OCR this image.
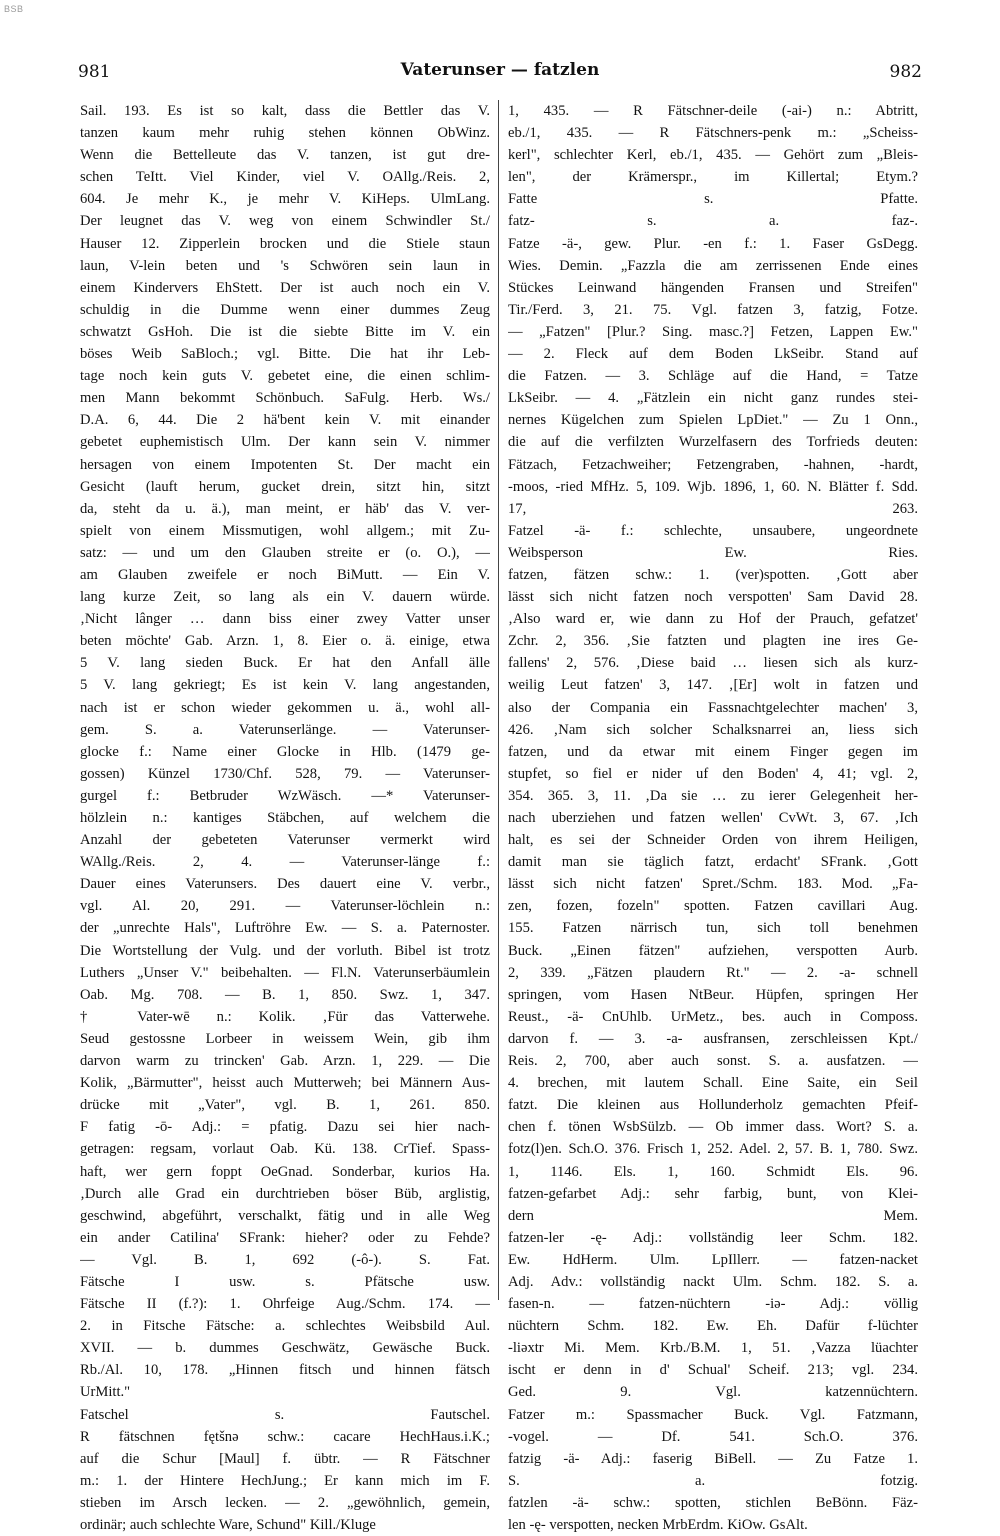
BSB
981	Vaterunser — fatzlen	982
Sail. 193. Es ist so kalt, dass die Bettler das V.
tanzen kaum mehr ruhig stehen können ObWinz.
Wenn die Bettelleute das V. tanzen, ist gut dre-
schen TeItt. Viel Kinder, viel V. OAllg./Reis. 2,
604. Je mehr K., je mehr V. KiHeps. UlmLang.
Der leugnet das V. weg von einem Schwindler St./
Hauser 12. Zipperlein brocken und die Stiele staun
laun, V-lein beten und 's Schwören sein laun in
einem Kindervers EhStett. Der ist auch noch ein V.
schuldig in die Dumme wenn einer dummes Zeug
schwatzt GsHoh. Die ist die siebte Bitte im V. ein
böses Weib SaBloch.; vgl. Bitte. Die hat ihr Leb-
tage noch kein guts V. gebetet eine, die einen schlim-
men Mann bekommt Schönbuch. SaFulg. Herb. Ws./
D.A. 6, 44. Die 2 hä'bent kein V. mit einander
gebetet euphemistisch Ulm. Der kann sein V. nimmer
hersagen von einem Impotenten St. Der macht ein
Gesicht (lauft herum, gucket drein, sitzt hin, sitzt
da, steht da u. ä.), man meint, er häb' das V. ver-
spielt von einem Missmutigen, wohl allgem.; mit Zu-
satz: — und um den Glauben streite er (o. O.), —
am Glauben zweifele er noch BiMutt. — Ein V.
lang kurze Zeit, so lang als ein V. dauern würde.
‚Nicht lânger … dann biss einer zwey Vatter unser
beten möchte' Gab. Arzn. 1, 8. Eier o. ä. einige, etwa
5 V. lang sieden Buck. Er hat den Anfall älle
5 V. lang gekriegt; Es ist kein V. lang angestanden,
nach ist er schon wieder gekommen u. ä., wohl all-
gem. S. a. Vaterunserlänge. — Vaterunser-
glocke f.: Name einer Glocke in Hlb. (1479 ge-
gossen) Künzel 1730/Chf. 528, 79. — Vaterunser-
gurgel f.: Betbruder WzWäsch. —* Vaterunser-
hölzlein n.: kantiges Stäbchen, auf welchem die
Anzahl der gebeteten Vaterunser vermerkt wird
WAllg./Reis. 2, 4. — Vaterunser-länge f.:
Dauer eines Vaterunsers. Des dauert eine V. verbr.,
vgl. Al. 20, 291. — Vaterunser-löchlein n.:
der „unrechte Hals", Luftröhre Ew. — S. a. Paternoster.
Die Wortstellung der Vulg. und der vorluth. Bibel ist trotz
Luthers „Unser V." beibehalten. — Fl.N. Vaterunserbäumlein
Oab. Mg. 708. — B. 1, 850. Swz. 1, 347.
† Vater-wē n.: Kolik. ‚Für das Vatterwehe.
Seud gestossne Lorbeer in weissem Wein, gib ihm
darvon warm zu trincken' Gab. Arzn. 1, 229. — Die
Kolik, „Bärmutter", heisst auch Mutterweh; bei Männern Aus-
drücke mit „Vater", vgl. B. 1, 261. 850.
F fatig -ō- Adj.: = pfatig. Dazu sei hier nach-
getragen: regsam, vorlaut Oab. Kü. 138. CrTief. Spass-
haft, wer gern foppt OeGnad. Sonderbar, kurios Ha.
‚Durch alle Grad ein durchtrieben böser Büb, arglistig,
geschwind, abgeführt, verschalkt, fätig und in alle Weg
ein ander Catilina' SFrank: hieher? oder zu Fehde?
— Vgl. B. 1, 692 (-ô-). S. Fat.
Fätsche I usw. s. Pfätsche usw.
Fätsche II (f.?): 1. Ohrfeige Aug./Schm. 174. —
2. in Fitsche Fätsche: a. schlechtes Weibsbild Aul.
XVII. — b. dummes Geschwätz, Gewäsche Buck.
Rb./Al. 10, 178. „Hinnen fitsch und hinnen fätsch
UrMitt."
Fatschel s. Fautschel.
R fätschnen fętšnə schw.: cacare HechHaus.i.K.;
auf die Schur [Maul] f. übtr. — R Fätschner
m.: 1. der Hintere HechJung.; Er kann mich im F.
stieben im Arsch lecken. — 2. „gewöhnlich, gemein,
ordinär; auch schlechte Ware, Schund" Kill./Kluge
1, 435. — R Fätschner-deile (-ai-) n.: Abtritt,
eb./1, 435. — R Fätschners-penk m.: „Scheiss-
kerl", schlechter Kerl, eb./1, 435. — Gehört zum „Bleis-
len", der Krämerspr., im Killertal; Etym.?
Fatte s. Pfatte.
fatz- s. a. faz-.
Fatze -ä-, gew. Plur. -en f.: 1. Faser GsDegg.
Wies. Demin. „Fazzla die am zerrissenen Ende eines
Stückes Leinwand hängenden Fransen und Streifen"
Tir./Ferd. 3, 21. 75. Vgl. fatzen 3, fatzig, Fotze.
— „Fatzen" [Plur.? Sing. masc.?] Fetzen, Lappen Ew."
— 2. Fleck auf dem Boden LkSeibr. Stand auf
die Fatzen. — 3. Schläge auf die Hand, = Tatze
LkSeibr. — 4. „Fätzlein ein nicht ganz rundes stei-
nernes Kügelchen zum Spielen LpDiet." — Zu 1 Onn.,
die auf die verfilzten Wurzelfasern des Torfrieds deuten:
Fätzach, Fetzachweiher; Fetzengraben, -hahnen, -hardt,
-moos, -ried MfHz. 5, 109. Wjb. 1896, 1, 60. N. Blätter f. Sdd.
17, 263.
Fatzel -ä- f.: schlechte, unsaubere, ungeordnete
Weibsperson Ew. Ries.
fatzen, fätzen schw.: 1. (ver)spotten. ‚Gott aber
lässt sich nicht fatzen noch verspotten' Sam David 28.
‚Also ward er, wie dann zu Hof der Prauch, gefatzet'
Zchr. 2, 356. ‚Sie fatzten und plagten ine ires Ge-
fallens' 2, 576. ‚Diese baid … liesen sich als kurz-
weilig Leut fatzen' 3, 147. ‚[Er] wolt in fatzen und
also der Compania ein Fassnachtgelechter machen' 3,
426. ‚Nam sich solcher Schalksnarrei an, liess sich
fatzen, und da etwar mit einem Finger gegen im
stupfet, so fiel er nider uf den Boden' 4, 41; vgl. 2,
354. 365. 3, 11. ‚Da sie … zu ierer Gelegenheit her-
nach uberziehen und fatzen wellen' CvWt. 3, 67. ‚Ich
halt, es sei der Schneider Orden von ihrem Heiligen,
damit man sie täglich fatzt, erdacht' SFrank. ‚Gott
lässt sich nicht fatzen' Spret./Schm. 183. Mod. „Fa-
zen, fozen, fozeln" spotten. Fatzen cavillari Aug.
155. Fatzen närrisch tun, sich toll benehmen
Buck. „Einen fätzen" aufziehen, verspotten Aurb.
2, 339. „Fätzen plaudern Rt." — 2. -a- schnell
springen, vom Hasen NtBeur. Hüpfen, springen Her
Reust., -ä- CnUhlb. UrMetz., bes. auch in Composs.
darvon f. — 3. -a- ausfransen, zerschleissen Kpt./
Reis. 2, 700, aber auch sonst. S. a. ausfatzen. —
4. brechen, mit lautem Schall. Eine Saite, ein Seil
fatzt. Die kleinen aus Hollunderholz gemachten Pfeif-
chen f. tönen WsbSülzb. — Ob immer dass. Wort? S. a.
fotz(l)en. Sch.O. 376. Frisch 1, 252. Adel. 2, 57. B. 1, 780. Swz.
1, 1146. Els. 1, 160. Schmidt Els. 96.
fatzen-gefarbet Adj.: sehr farbig, bunt, von Klei-
dern Mem.
fatzen-ler -ę- Adj.: vollständig leer Schm. 182.
Ew. HdHerm. Ulm. LpIllerr. — fatzen-nacket
Adj. Adv.: vollständig nackt Ulm. Schm. 182. S. a.
fasen-n. — fatzen-nüchtern -iə- Adj.: völlig
nüchtern Schm. 182. Ew. Eh. Dafür f-lüchter
-liəxtr Mi. Mem. Krb./B.M. 1, 51. ‚Vazza lüachter
ischt er denn in d' Schual' Scheif. 213; vgl. 234.
Ged. 9. Vgl. katzennüchtern.
Fatzer m.: Spassmacher Buck. Vgl. Fatzmann,
-vogel. — Df. 541. Sch.O. 376.
fatzig -ä- Adj.: faserig BiBell. — Zu Fatze 1.
S. a. fotzig.
fatzlen -ä- schw.: spotten, stichlen BeBönn. Fäz-
len -ę- verspotten, necken MrbErdm. KiOw. GsAlt.
